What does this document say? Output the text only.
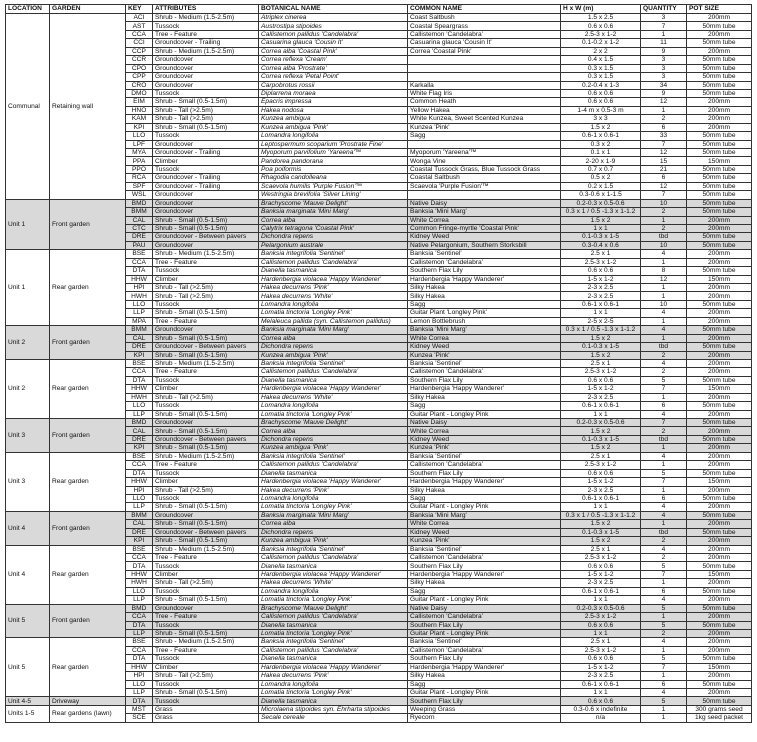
LOCATION	GARDEN	KEY	ATTRIBUTES	BOTANICAL NAME	COMMON NAME	H x W (m)	QUANTITY	POT SIZE
Communal	Retaining wall	ACI	Shrub - Medium (1.5-2.5m)	Atriplex cinerea	Coast Saltbush	1.5 x 2.5	3	200mm
		AST	Tussock	Austrostipa stipoides	Coastal Speargrass	0.6 x 0.6	7	50mm tube
		CCA	Tree - Feature	Callistemon pallidus 'Candelabra'	Callistemon 'Candelabra'	2.5-3 x 1-2	1	200mm
		CCI	Groundcover - Trailing	Casuarina glauca 'Cousin It'	Casuarina glauca 'Cousin It'	0.1-0.2 x 1-2	11	50mm tube
		CCP	Shrub - Medium (1.5-2.5m)	Correa alba 'Coastal Pink'	Correa 'Coastal Pink'	2 x 2	9	200mm
		CCR	Groundcover	Correa reflexa 'Cream'		0.4 x 1.5	3	50mm tube
		CPO	Groundcover	Correa alba 'Prostrate'		0.3 x 1.5	3	50mm tube
		CPP	Groundcover	Correa reflexa 'Petal Point'		0.3 x 1.5	3	50mm tube
		CRO	Groundcover	Carpobrotus rossii	Karkalla	0.2-0.4 x 1-3	34	50mm tube
		DMO	Tussock	Diplarrena moraea	White Flag Iris	0.6 x 0.6	9	50mm tube
		EIM	Shrub - Small (0.5-1.5m)	Epacris impressa	Common Heath	0.6 x 0.6	12	200mm
		HNO	Shrub - Tall (>2.5m)	Hakea nodosa	Yellow Hakea	1-4 m x 0.5-3 m	1	200mm
		KAM	Shrub - Tall (>2.5m)	Kunzea ambigua	White Kunzea, Sweet Scented Kunzea	3 x 3	2	200mm
		KPI	Shrub - Small (0.5-1.5m)	Kunzea ambigua 'Pink'	Kunzea 'Pink'	1.5 x 2	6	200mm
		LLO	Tussock	Lomandra longifolia	Sagg	0.6-1 x 0.6-1	33	50mm tube
		LPF	Groundcover	Leptospermum scoparium 'Prostrate Fine'		0.3 x 2	7	50mm tube
		MYA	Groundcover - Trailing	Myoporum parvifolium 'Yareena'™	Myoporum 'Yareena'™	0.1 x 1	12	50mm tube
		PPA	Climber	Pandorea pandorana	Wonga Vine	2-20 x 1-9	15	150mm
		PPO	Tussock	Poa poiformis	Coastal Tussock Grass, Blue Tussock Grass	0.7 x 0.7	21	50mm tube
		RCA	Groundcover - Trailing	Rhagodia candolleana	Coastal Saltbush	0.5 x 2	6	50mm tube
		SPF	Groundcover - Trailing	Scaevola humilis 'Purple Fusion'™	Scaevola 'Purple Fusion'™	0.2 x 1.5	12	50mm tube
		WSL	Groundcover	Westringia brevifolia 'Silver Lining'		0.3-0.6 x 1-1.5	7	50mm tube
Unit 1	Front garden	BMD	Groundcover	Brachyscome 'Mauve Delight'	Native Daisy	0.2-0.3 x 0.5-0.6	10	50mm tube
		BMM	Groundcover	Banksia marginata 'Mini Marg'	Banksia 'Mini Marg'	0.3 x 1 / 0.5 -1.3 x 1-1.2	2	50mm tube
		CAL	Shrub - Small (0.5-1.5m)	Correa alba	White Correa	1.5 x 2	1	200mm
		CTC	Shrub - Small (0.5-1.5m)	Calytrix tetragona 'Coastal Pink'	Common Fringe-myrtle 'Coastal Pink'	1 x 1	2	200mm
		DRE	Groundcover - Between pavers	Dichondra repens	Kidney Weed	0.1-0.3 x 1-5	tbd	50mm tube
		PAU	Groundcover	Pelargonium australe	Native Pelargonium, Southern Storksbill	0.3-0.4 x 0.6	10	50mm tube
Unit 1	Rear garden	BSE	Shrub - Medium (1.5-2.5m)	Banksia integrifolia 'Sentinel'	Banksia 'Sentinel'	2.5 x 1	4	200mm
		CCA	Tree - Feature	Callistemon pallidus 'Candelabra'	Callistemon 'Candelabra'	2.5-3 x 1-2	1	200mm
		DTA	Tussock	Dianella tasmanica	Southern Flax Lily	0.6 x 0.6	8	50mm tube
		HHW	Climber	Hardenbergia violacea 'Happy Wanderer'	Hardenbergia 'Happy Wanderer'	1-5 x 1-2	12	150mm
		HPI	Shrub - Tall (>2.5m)	Hakea decurrens 'Pink'	Silky Hakea	2-3 x 2.5	1	200mm
		HWH	Shrub - Tall (>2.5m)	Hakea decurrens 'White'	Silky Hakea	2-3 x 2.5	1	200mm
		LLO	Tussock	Lomandra longifolia	Sagg	0.6-1 x 0.6-1	10	50mm tube
		LLP	Shrub - Small (0.5-1.5m)	Lomatia tinctoria 'Longley Pink'	Guitar Plant 'Longley Pink'	1 x 1	4	200mm
		MPA	Tree - Feature	Melaleuca pallida (syn. Callistemon pallidus)	Lemon Bottlebrush	2-5 x 2-5	1	200mm
Unit 2	Front garden	BMM	Groundcover	Banksia marginata 'Mini Marg'	Banksia 'Mini Marg'	0.3 x 1 / 0.5 -1.3 x 1-1.2	4	50mm tube
		CAL	Shrub - Small (0.5-1.5m)	Correa alba	White Correa	1.5 x 2	1	200mm
		DRE	Groundcover - Between pavers	Dichondra repens	Kidney Weed	0.1-0.3 x 1-5	tbd	50mm tube
		KPI	Shrub - Small (0.5-1.5m)	Kunzea ambigua 'Pink'	Kunzea 'Pink'	1.5 x 2	2	200mm
Unit 2	Rear garden	BSE	Shrub - Medium (1.5-2.5m)	Banksia integrifolia 'Sentinel'	Banksia 'Sentinel'	2.5 x 1	4	200mm
		CCA	Tree - Feature	Callistemon pallidus 'Candelabra'	Callistemon 'Candelabra'	2.5-3 x 1-2	2	200mm
		DTA	Tussock	Dianella tasmanica	Southern Flax Lily	0.6 x 0.6	5	50mm tube
		HHW	Climber	Hardenbergia violacea 'Happy Wanderer'	Hardenbergia 'Happy Wanderer'	1-5 x 1-2	7	150mm
		HWH	Shrub - Tall (>2.5m)	Hakea decurrens 'White'	Silky Hakea	2-3 x 2.5	1	200mm
		LLO	Tussock	Lomandra longifolia	Sagg	0.6-1 x 0.6-1	6	50mm tube
		LLP	Shrub - Small (0.5-1.5m)	Lomatia tinctoria 'Longley Pink'	Guitar Plant - Longley Pink	1 x 1	4	200mm
Unit 3	Front garden	BMD	Groundcover	Brachyscome 'Mauve Delight'	Native Daisy	0.2-0.3 x 0.5-0.6	7	50mm tube
		CAL	Shrub - Small (0.5-1.5m)	Correa alba	White Correa	1.5 x 2	2	200mm
		DRE	Groundcover - Between pavers	Dichondra repens	Kidney Weed	0.1-0.3 x 1-5	tbd	50mm tube
		KPI	Shrub - Small (0.5-1.5m)	Kunzea ambigua 'Pink'	Kunzea 'Pink'	1.5 x 2	1	200mm
Unit 3	Rear garden	BSE	Shrub - Medium (1.5-2.5m)	Banksia integrifolia 'Sentinel'	Banksia 'Sentinel'	2.5 x 1	4	200mm
		CCA	Tree - Feature	Callistemon pallidus 'Candelabra'	Callistemon 'Candelabra'	2.5-3 x 1-2	1	200mm
		DTA	Tussock	Dianella tasmanica	Southern Flax Lily	0.6 x 0.6	5	50mm tube
		HHW	Climber	Hardenbergia violacea 'Happy Wanderer'	Hardenbergia 'Happy Wanderer'	1-5 x 1-2	7	150mm
		HPI	Shrub - Tall (>2.5m)	Hakea decurrens 'Pink'	Silky Hakea	2-3 x 2.5	1	200mm
		LLO	Tussock	Lomandra longifolia	Sagg	0.6-1 x 0.6-1	6	50mm tube
		LLP	Shrub - Small (0.5-1.5m)	Lomatia tinctoria 'Longley Pink'	Guitar Plant - Longley Pink	1 x 1	4	200mm
Unit 4	Front garden	BMM	Groundcover	Banksia marginata 'Mini Marg'	Banksia 'Mini Marg'	0.3 x 1 / 0.5 -1.3 x 1-1.2	4	50mm tube
		CAL	Shrub - Small (0.5-1.5m)	Correa alba	White Correa	1.5 x 2	1	200mm
		DRE	Groundcover - Between pavers	Dichondra repens	Kidney Weed	0.1-0.3 x 1-5	tbd	50mm tube
		KPI	Shrub - Small (0.5-1.5m)	Kunzea ambigua 'Pink'	Kunzea 'Pink'	1.5 x 2	2	200mm
Unit 4	Rear garden	BSE	Shrub - Medium (1.5-2.5m)	Banksia integrifolia 'Sentinel'	Banksia 'Sentinel'	2.5 x 1	4	200mm
		CCA	Tree - Feature	Callistemon pallidus 'Candelabra'	Callistemon 'Candelabra'	2.5-3 x 1-2	2	200mm
		DTA	Tussock	Dianella tasmanica	Southern Flax Lily	0.6 x 0.6	5	50mm tube
		HHW	Climber	Hardenbergia violacea 'Happy Wanderer'	Hardenbergia 'Happy Wanderer'	1-5 x 1-2	7	150mm
		HWH	Shrub - Tall (>2.5m)	Hakea decurrens 'White'	Silky Hakea	2-3 x 2.5	1	200mm
		LLO	Tussock	Lomandra longifolia	Sagg	0.6-1 x 0.6-1	6	50mm tube
		LLP	Shrub - Small (0.5-1.5m)	Lomatia tinctoria 'Longley Pink'	Guitar Plant - Longley Pink	1 x 1	4	200mm
Unit 5	Front garden	BMD	Groundcover	Brachyscome 'Mauve Delight'	Native Daisy	0.2-0.3 x 0.5-0.6	5	50mm tube
		CCA	Tree - Feature	Callistemon pallidus 'Candelabra'	Callistemon 'Candelabra'	2.5-3 x 1-2	1	200mm
		DTA	Tussock	Dianella tasmanica	Southern Flax Lily	0.6 x 0.6	5	50mm tube
		LLP	Shrub - Small (0.5-1.5m)	Lomatia tinctoria 'Longley Pink'	Guitar Plant - Longley Pink	1 x 1	2	200mm
Unit 5	Rear garden	BSE	Shrub - Medium (1.5-2.5m)	Banksia integrifolia 'Sentinel'	Banksia 'Sentinel'	2.5 x 1	4	200mm
		CCA	Tree - Feature	Callistemon pallidus 'Candelabra'	Callistemon 'Candelabra'	2.5-3 x 1-2	1	200mm
		DTA	Tussock	Dianella tasmanica	Southern Flax Lily	0.6 x 0.6	5	50mm tube
		HHW	Climber	Hardenbergia violacea 'Happy Wanderer'	Hardenbergia 'Happy Wanderer'	1-5 x 1-2	7	150mm
		HPI	Shrub - Tall (>2.5m)	Hakea decurrens 'Pink'	Silky Hakea	2-3 x 2.5	1	200mm
		LLO	Tussock	Lomandra longifolia	Sagg	0.6-1 x 0.6-1	6	50mm tube
		LLP	Shrub - Small (0.5-1.5m)	Lomatia tinctoria 'Longley Pink'	Guitar Plant - Longley Pink	1 x 1	4	200mm
Unit 4-5	Driveway	DTA	Tussock	Dianella tasmanica	Southern Flax Lily	0.6 x 0.6	5	50mm tube
Units 1-5	Rear gardens (lawn)	MST	Grass	Microlaena stipoides syn. Ehrharta stipoides	Weeping Grass	0.3-0.6 x indefinite	1	300 grams seed
		SCE	Grass	Secale cereale	Ryecorn	n/a	1	1kg seed packet
